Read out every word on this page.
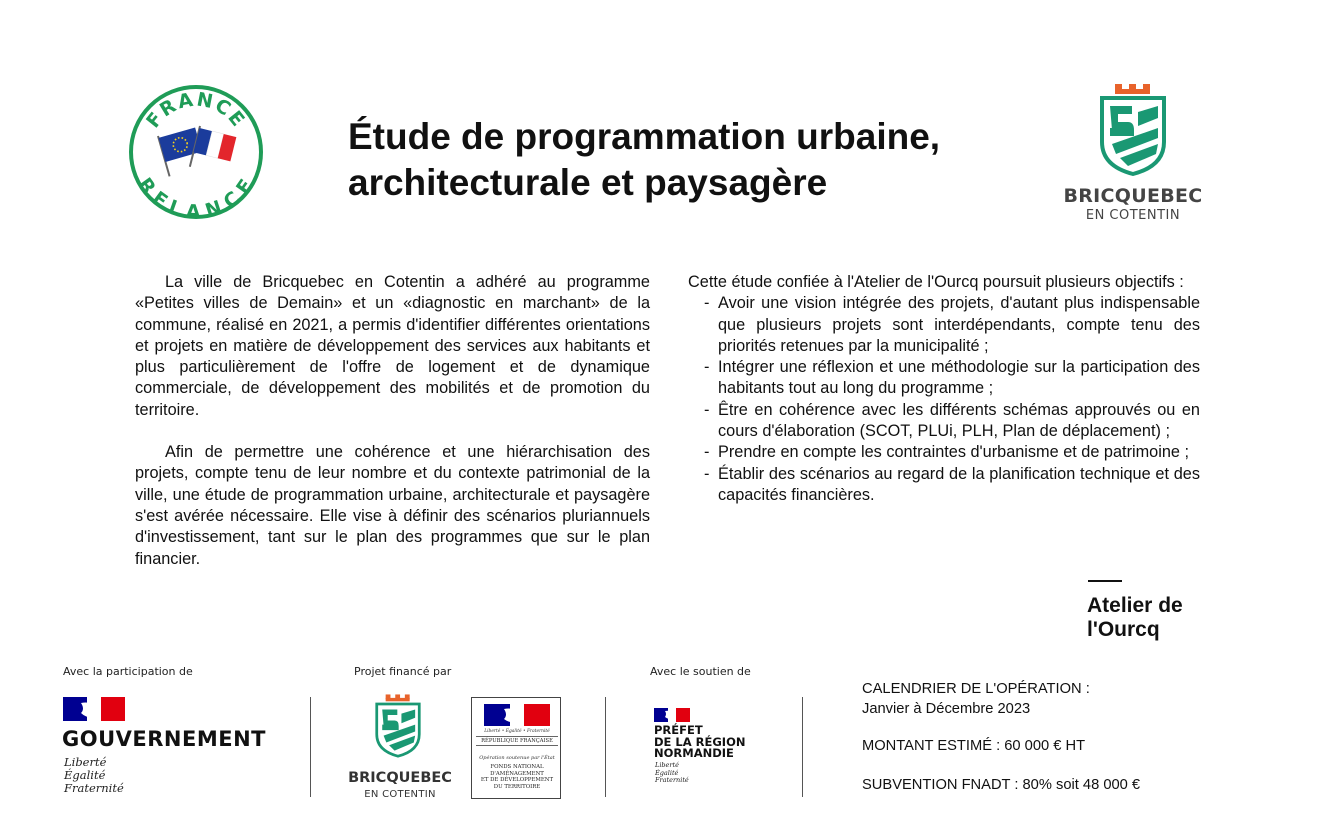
FRANCE
RELANCE
Étude de programmation urbaine,
architecturale et paysagère	BRICQUEBEC
EN COTENTIN

La ville de Bricquebec en Cotentin a adhéré au programme «Petites villes de Demain» et un «diagnostic en marchant» de la commune, réalisé en 2021, a permis d'identifier différentes orientations et projets en matière de développement des services aux habitants et plus particulièrement de l'offre de logement et de dynamique commerciale, de développement des mobilités et de promotion du territoire.

Afin de permettre une cohérence et une hiérarchisation des projets, compte tenu de leur nombre et du contexte patrimonial de la ville, une étude de programmation urbaine, architecturale et paysagère s'est avérée nécessaire. Elle vise à définir des scénarios pluriannuels d'investissement, tant sur le plan des programmes que sur le plan financier.

Cette étude confiée à l'Atelier de l'Ourcq poursuit plusieurs objectifs :

- Avoir une vision intégrée des projets, d'autant plus indispensable que plusieurs projets sont interdépendants, compte tenu des priorités retenues par la municipalité ;
- Intégrer une réflexion et une méthodologie sur la participation des habitants tout au long du programme ;
- Être en cohérence avec les différents schémas approuvés ou en cours d'élaboration (SCOT, PLUi, PLH, Plan de déplacement) ;
- Prendre en compte les contraintes d'urbanisme et de patrimoine ;
- Établir des scénarios au regard de la planification technique et des capacités financières.
Atelier de
l'Ourcq
Avec la participation de	Projet financé par	Avec le soutien de
GOUVERNEMENT
Liberté
Égalité
Fraternité
BRICQUEBEC
EN COTENTIN
Liberté • Égalité • Fraternité
RÉPUBLIQUE FRANÇAISE
Opération soutenue par l'État
FONDS NATIONAL
D'AMÉNAGEMENT
ET DE DÉVELOPPEMENT
DU TERRITOIRE
PRÉFET
DE LA RÉGION
NORMANDIE
Liberté
Égalité
Fraternité
CALENDRIER DE L'OPÉRATION :
Janvier à Décembre 2023
MONTANT ESTIMÉ : 60 000 € HT
SUBVENTION FNADT : 80% soit 48 000 €
